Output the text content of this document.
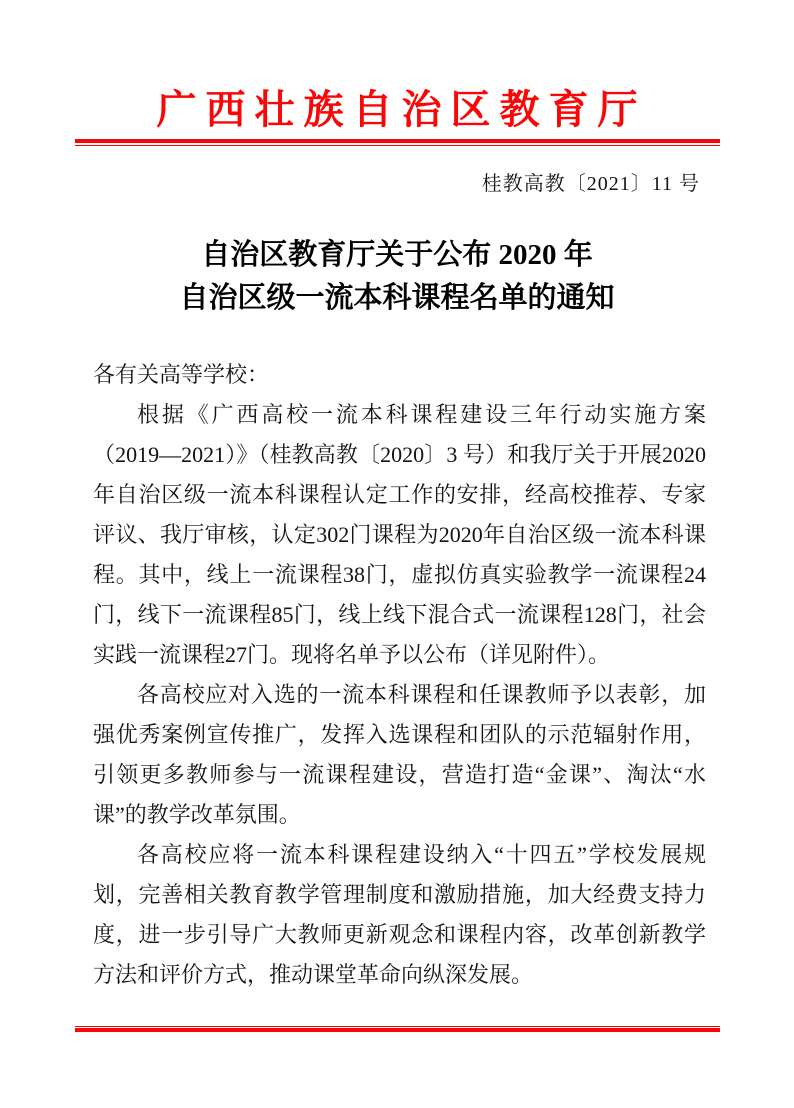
广西壮族自治区教育厅
桂教高教〔2021〕11 号
自治区教育厅关于公布 2020 年
自治区级一流本科课程名单的通知

各有关高等学校：

根据《广西高校一流本科课程建设三年行动实施方案（2019—2021）》（桂教高教〔2020〕3 号）和我厅关于开展2020年自治区级一流本科课程认定工作的安排，经高校推荐、专家评议、我厅审核，认定302门课程为2020年自治区级一流本科课程。其中，线上一流课程38门，虚拟仿真实验教学一流课程24门，线下一流课程85门，线上线下混合式一流课程128门，社会实践一流课程27门。现将名单予以公布（详见附件）。

各高校应对入选的一流本科课程和任课教师予以表彰，加强优秀案例宣传推广，发挥入选课程和团队的示范辐射作用，引领更多教师参与一流课程建设，营造打造“金课”、淘汰“水课”的教学改革氛围。

各高校应将一流本科课程建设纳入“十四五”学校发展规划，完善相关教育教学管理制度和激励措施，加大经费支持力度，进一步引导广大教师更新观念和课程内容，改革创新教学方法和评价方式，推动课堂革命向纵深发展。
